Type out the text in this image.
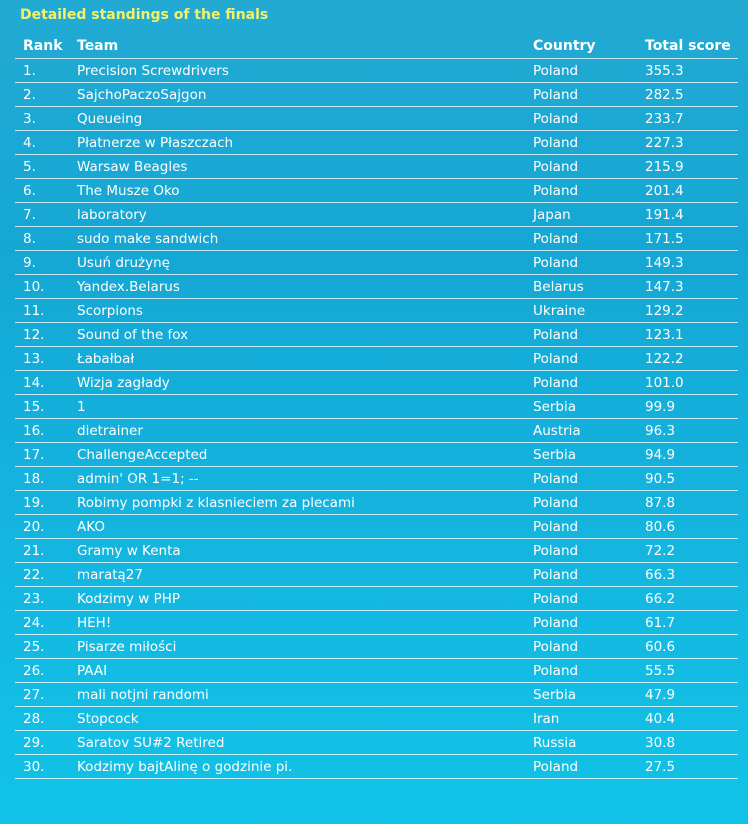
Detailed standings of the finals
Rank	Team	Country	Total score
1.	Precision Screwdrivers	Poland	355.3
2.	SajchoPaczoSajgon	Poland	282.5
3.	Queueing	Poland	233.7
4.	Płatnerze w Płaszczach	Poland	227.3
5.	Warsaw Beagles	Poland	215.9
6.	The Musze Oko	Poland	201.4
7.	laboratory	Japan	191.4
8.	sudo make sandwich	Poland	171.5
9.	Usuń drużynę	Poland	149.3
10.	Yandex.Belarus	Belarus	147.3
11.	Scorpions	Ukraine	129.2
12.	Sound of the fox	Poland	123.1
13.	Łabałbał	Poland	122.2
14.	Wizja zagłady	Poland	101.0
15.	1	Serbia	99.9
16.	dietrainer	Austria	96.3
17.	ChallengeAccepted	Serbia	94.9
18.	admin' OR 1=1; --	Poland	90.5
19.	Robimy pompki z klasnieciem za plecami	Poland	87.8
20.	AKO	Poland	80.6
21.	Gramy w Kenta	Poland	72.2
22.	maratą27	Poland	66.3
23.	Kodzimy w PHP	Poland	66.2
24.	HEH!	Poland	61.7
25.	Pisarze miłości	Poland	60.6
26.	PAAI	Poland	55.5
27.	mali notjni randomi	Serbia	47.9
28.	Stopcock	Iran	40.4
29.	Saratov SU#2 Retired	Russia	30.8
30.	Kodzimy bajtAlinę o godzinie pi.	Poland	27.5
